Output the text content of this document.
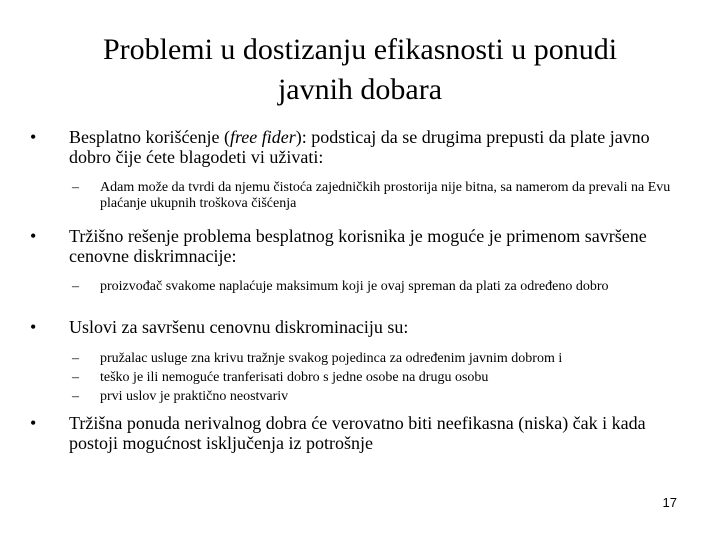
Problemi u dostizanju efikasnosti u ponudi
javnih dobara
•	Besplatno korišćenje (free fider): podsticaj da se drugima prepusti da plate javno dobro čije ćete blagodeti vi uživati:
– Adam može da tvrdi da njemu čistoća zajedničkih prostorija nije bitna, sa namerom da prevali na Evu plaćanje ukupnih troškova čišćenja
•	Tržišno rešenje problema besplatnog korisnika je moguće je primenom savršene cenovne diskrimnacije:
– proizvođač svakome naplaćuje maksimum koji je ovaj spreman da plati za određeno dobro
•	Uslovi za savršenu cenovnu diskrominaciju su:
– pružalac usluge zna krivu tražnje svakog pojedinca za određenim javnim dobrom i
– teško je ili nemoguće tranferisati dobro s jedne osobe na drugu osobu
– prvi uslov je praktično neostvariv
•	Tržišna ponuda nerivalnog dobra će verovatno biti neefikasna (niska) čak i kada postoji mogućnost isključenja iz potrošnje
17
